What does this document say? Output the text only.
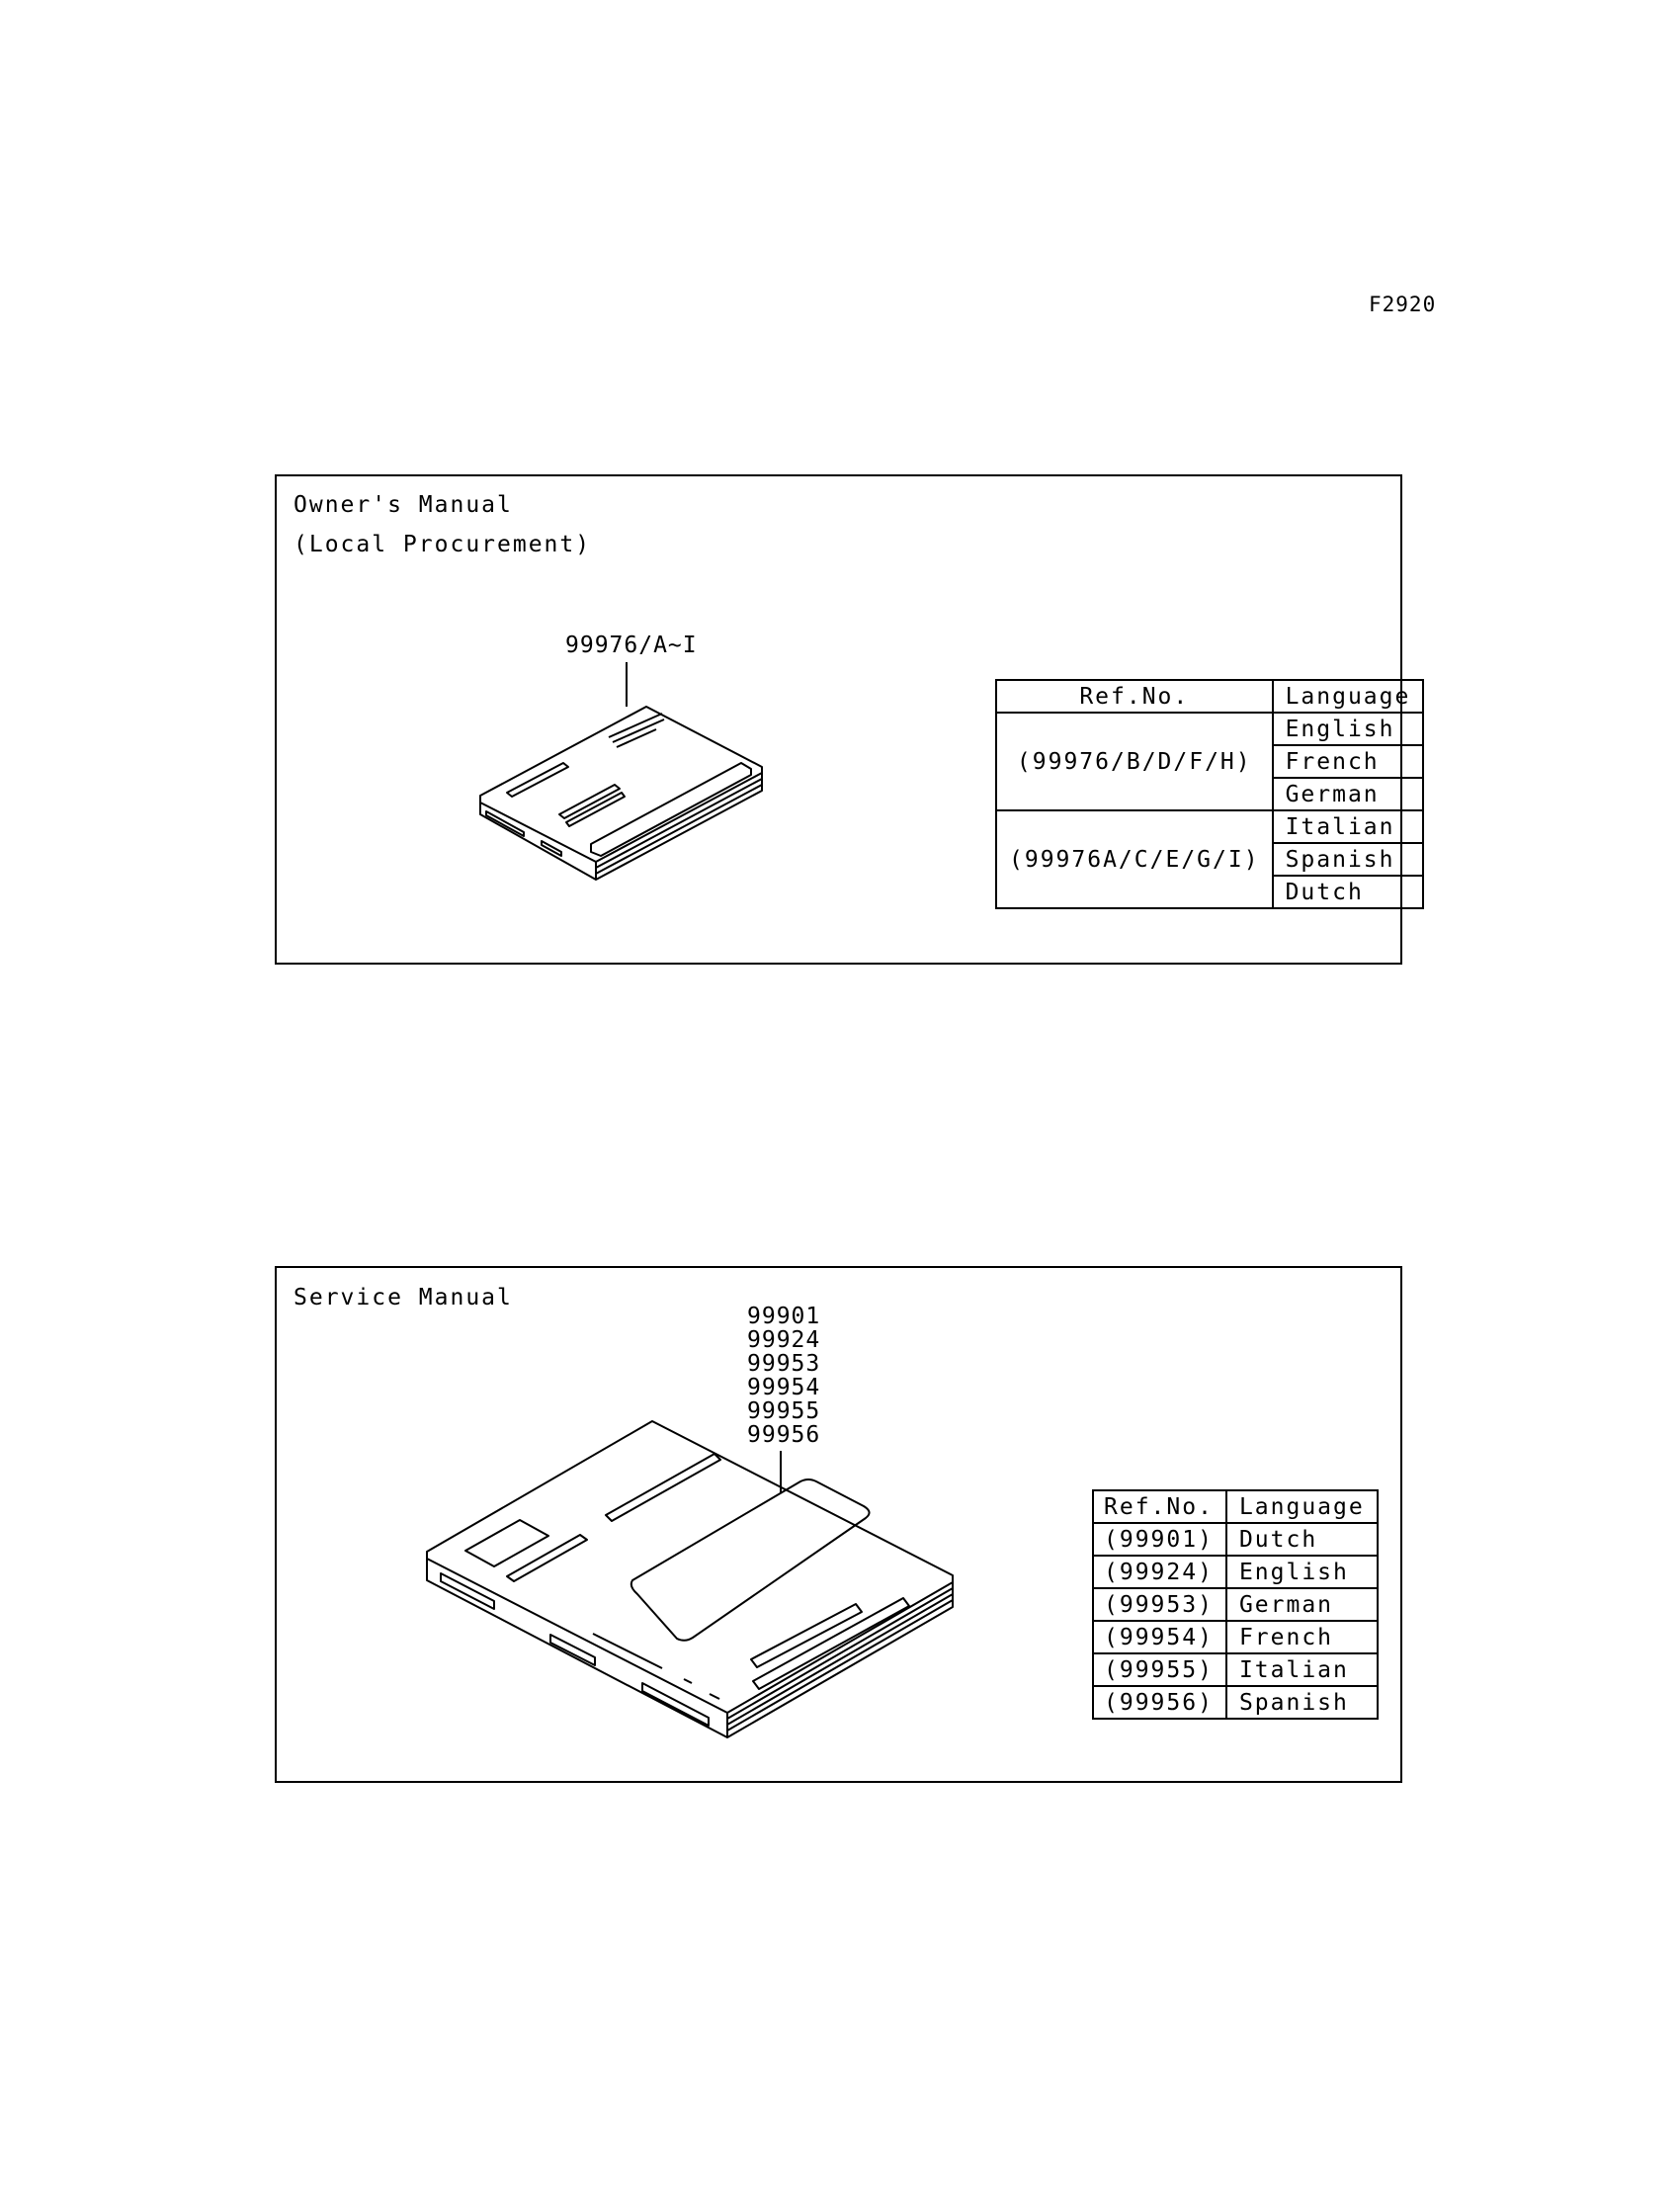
F2920
Owner's Manual
(Local Procurement)
99976/A~I
Ref.No.	Language
(99976/B/D/F/H)	English
	French
	German
(99976A/C/E/G/I)	Italian
	Spanish
	Dutch
Service Manual
99901
99924
99953
99954
99955
99956
Ref.No.	Language
(99901)	Dutch
(99924)	English
(99953)	German
(99954)	French
(99955)	Italian
(99956)	Spanish
